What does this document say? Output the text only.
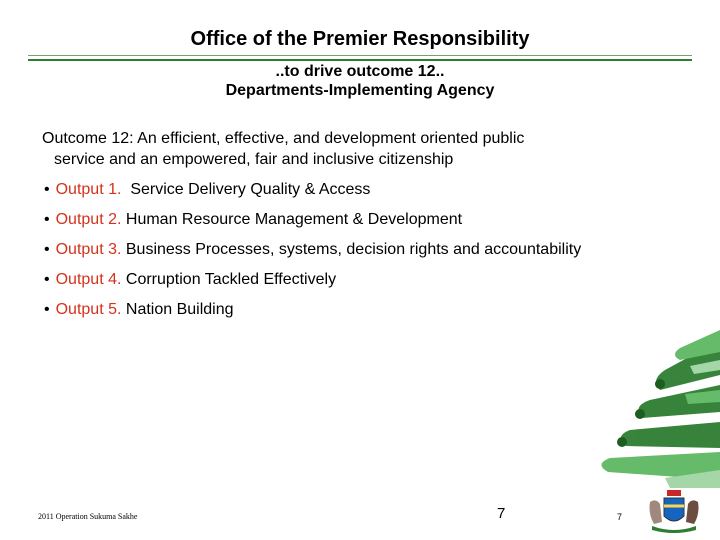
Office of the Premier Responsibility
..to drive outcome 12..
Departments-Implementing Agency
Outcome 12: An efficient, effective, and development oriented public
service and an empowered, fair and inclusive citizenship
• Output 1.  Service Delivery Quality & Access
• Output 2. Human Resource Management & Development
• Output 3. Business Processes, systems, decision rights and accountability
• Output 4. Corruption Tackled Effectively
• Output 5. Nation Building
2011 Operation Sukuma Sakhe	7	7
